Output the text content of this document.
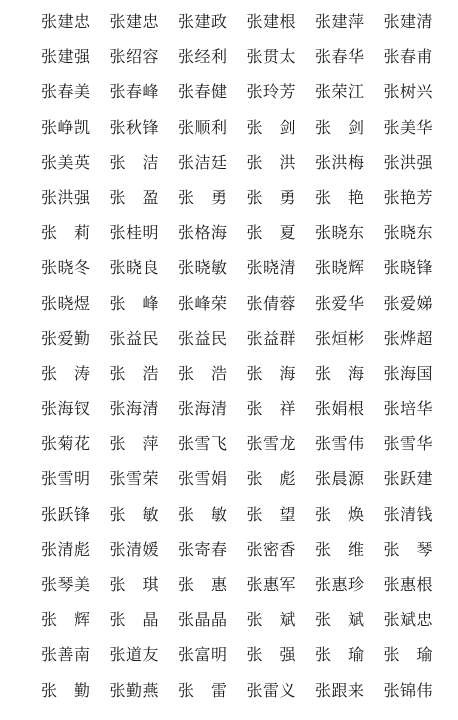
张建忠	张建忠	张建政	张建根	张建萍	张建清
张建强	张绍容	张经利	张贯太	张春华	张春甫
张春美	张春峰	张春健	张玲芳	张荣江	张树兴
张峥凯	张秋锋	张顺利	张　剑	张　剑	张美华
张美英	张　洁	张洁廷	张　洪	张洪梅	张洪强
张洪强	张　盈	张　勇	张　勇	张　艳	张艳芳
张　莉	张桂明	张格海	张　夏	张晓东	张晓东
张晓冬	张晓良	张晓敏	张晓清	张晓辉	张晓锋
张晓煜	张　峰	张峰荣	张倩蓉	张爱华	张爱娣
张爱勤	张益民	张益民	张益群	张烜彬	张烨超
张　涛	张　浩	张　浩	张　海	张　海	张海国
张海钗	张海清	张海清	张　祥	张娟根	张培华
张菊花	张　萍	张雪飞	张雪龙	张雪伟	张雪华
张雪明	张雪荣	张雪娟	张　彪	张晨源	张跃建
张跃锋	张　敏	张　敏	张　望	张　焕	张清钱
张清彪	张清媛	张寄春	张密香	张　维	张　琴
张琴美	张　琪	张　惠	张惠军	张惠珍	张惠根
张　辉	张　晶	张晶晶	张　斌	张　斌	张斌忠
张善南	张道友	张富明	张　强	张　瑜	张　瑜
张　勤	张勤燕	张　雷	张雷义	张跟来	张锦伟
